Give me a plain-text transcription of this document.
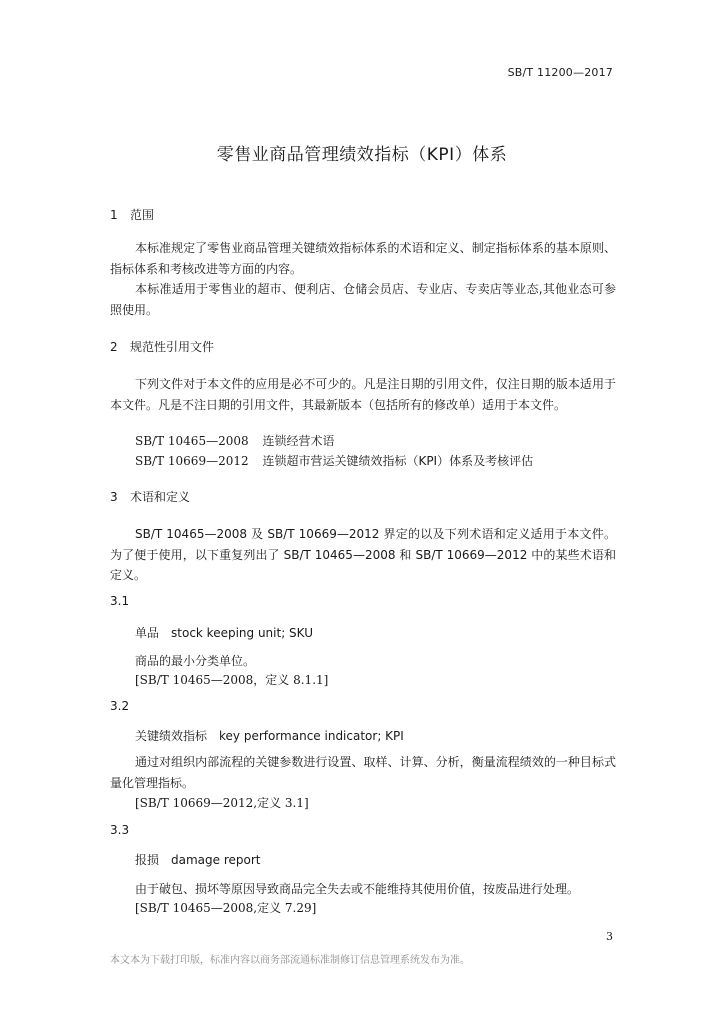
SB/T 11200—2017
零售业商品管理绩效指标（KPI）体系
1 范围
本标准规定了零售业商品管理关键绩效指标体系的术语和定义、制定指标体系的基本原则、指标体系和考核改进等方面的内容。
本标准适用于零售业的超市、便利店、仓储会员店、专业店、专卖店等业态,其他业态可参照使用。
2 规范性引用文件
下列文件对于本文件的应用是必不可少的。凡是注日期的引用文件，仅注日期的版本适用于本文件。凡是不注日期的引用文件，其最新版本（包括所有的修改单）适用于本文件。
SB/T 10465—2008 连锁经营术语
SB/T 10669—2012 连锁超市营运关键绩效指标（KPI）体系及考核评估
3 术语和定义
SB/T 10465—2008 及 SB/T 10669—2012 界定的以及下列术语和定义适用于本文件。为了便于使用，以下重复列出了 SB/T 10465—2008 和 SB/T 10669—2012 中的某些术语和定义。
3.1
单品 stock keeping unit; SKU
商品的最小分类单位。
[SB/T 10465—2008，定义 8.1.1]
3.2
关键绩效指标 key performance indicator; KPI
通过对组织内部流程的关键参数进行设置、取样、计算、分析，衡量流程绩效的一种目标式量化管理指标。
[SB/T 10669—2012,定义 3.1]
3.3
报损 damage report
由于破包、损坏等原因导致商品完全失去或不能维持其使用价值，按废品进行处理。
[SB/T 10465—2008,定义 7.29]
3
本文本为下载打印版，标准内容以商务部流通标准制修订信息管理系统发布为准。
